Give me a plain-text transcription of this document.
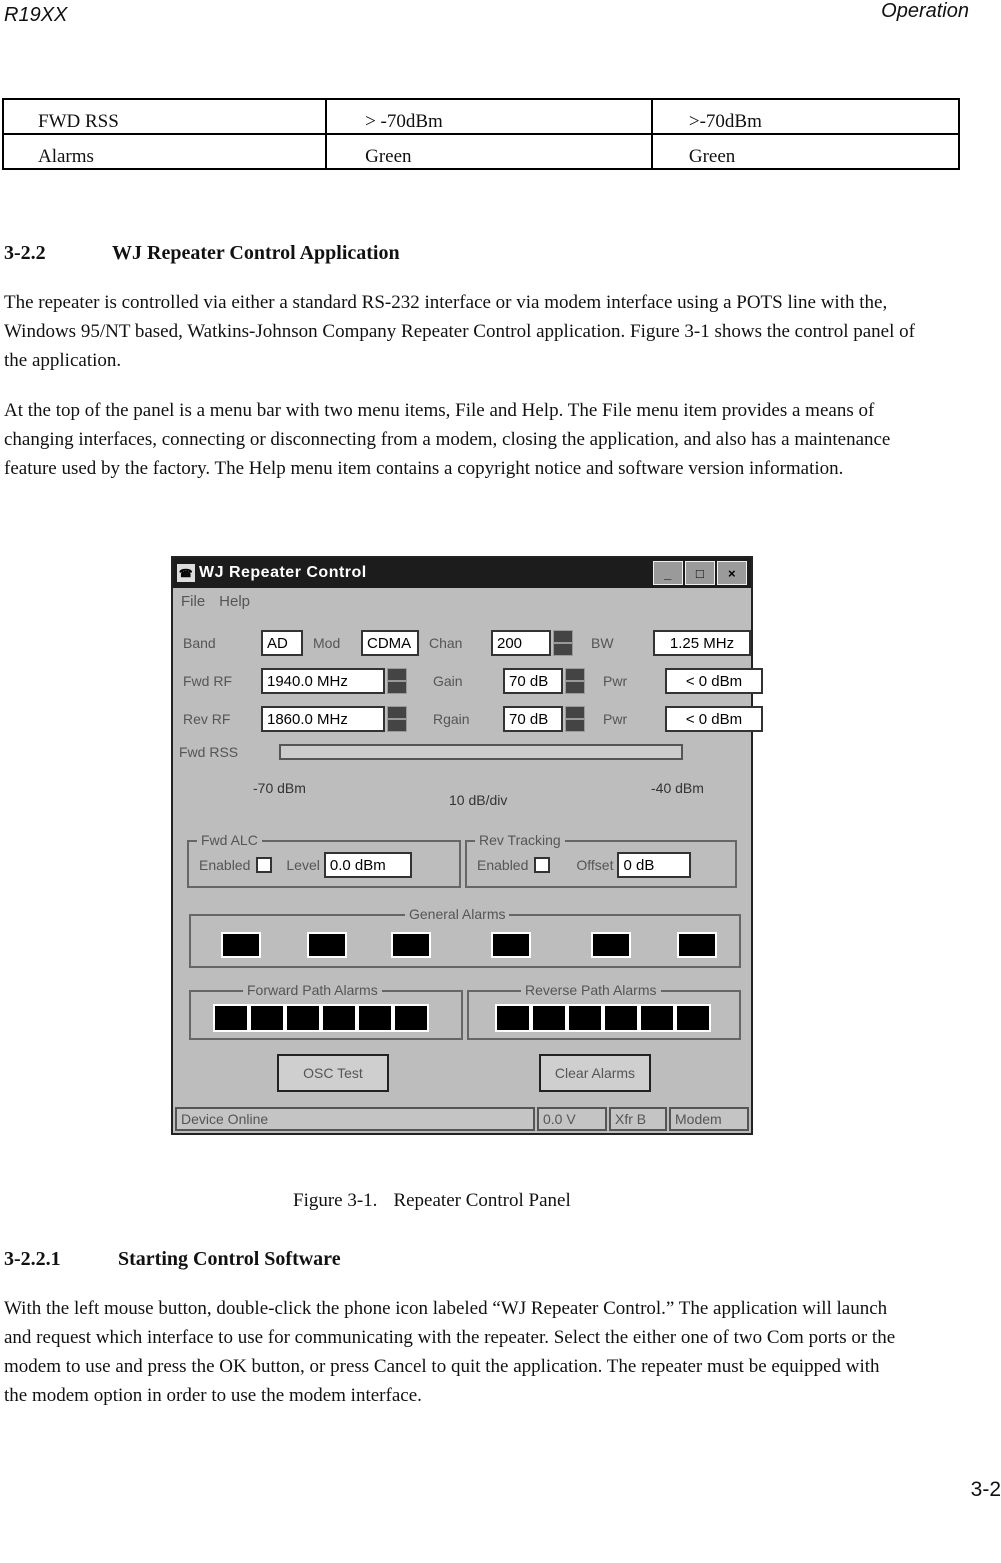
R19XX	Operation
FWD RSS	> -70dBm	>-70dBm
Alarms	Green	Green
3-2.2	WJ Repeater Control Application
The repeater is controlled via either a standard RS-232 interface or via modem interface using a POTS line with the, Windows 95/NT based, Watkins-Johnson Company Repeater Control application. Figure 3-1 shows the control panel of the application.
At the top of the panel is a menu bar with two menu items, File and Help. The File menu item provides a means of changing interfaces, connecting or disconnecting from a modem, closing the application, and also has a maintenance feature used by the factory. The Help menu item contains a copyright notice and software version information.
☎ WJ Repeater Control	_	□	×
File Help
Band	AD	Mod	CDMA	Chan	200	BW	1.25 MHz
Fwd RF	1940.0 MHz	Gain	70 dB	Pwr	< 0 dBm
Rev RF	1860.0 MHz	Rgain	70 dB	Pwr	< 0 dBm
Fwd RSS
-70 dBm
10 dB/div
-40 dBm
Fwd ALC
Enabled	Level 0.0 dBm
Rev Tracking
Enabled	Offset 0 dB
General Alarms
Forward Path Alarms	Reverse Path Alarms
OSC Test	Clear Alarms
Device Online	0.0 V	Xfr B	Modem
Figure 3-1. Repeater Control Panel
3-2.2.1	Starting Control Software
With the left mouse button, double-click the phone icon labeled “WJ Repeater Control.” The application will launch and request which interface to use for communicating with the repeater. Select the either one of two Com ports or the modem to use and press the OK button, or press Cancel to quit the application. The repeater must be equipped with the modem option in order to use the modem interface.
3-2
